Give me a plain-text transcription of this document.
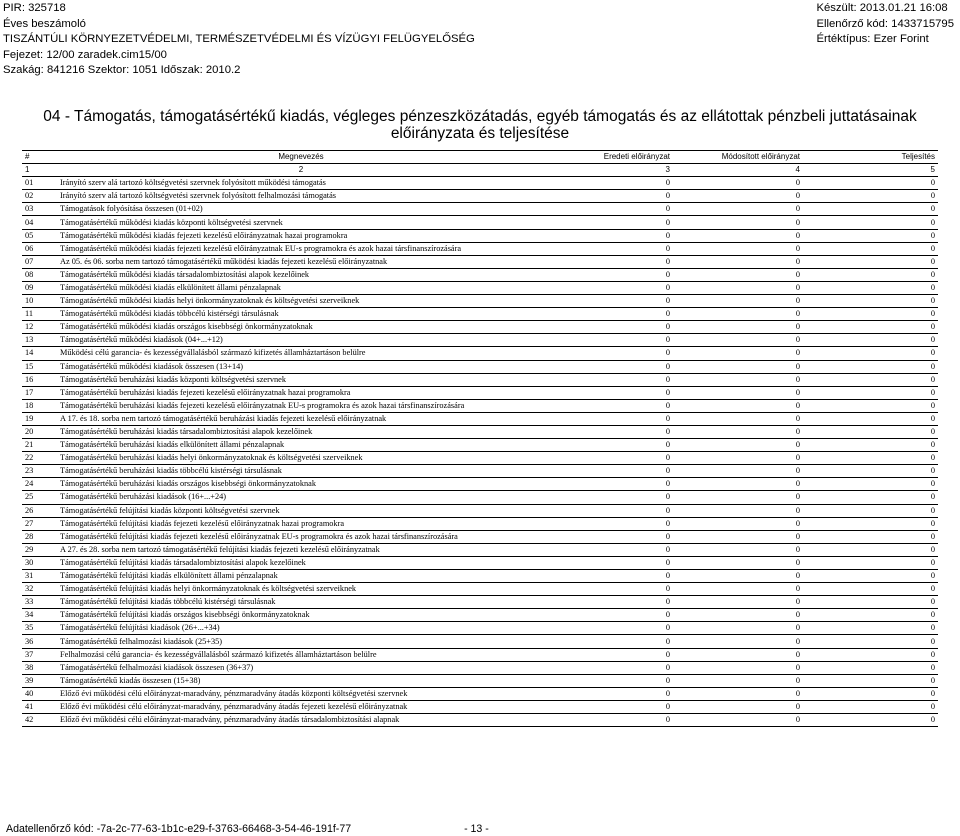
PIR: 325718
Éves beszámoló
TISZÁNTÚLI KÖRNYEZETVÉDELMI, TERMÉSZETVÉDELMI ÉS VÍZÜGYI FELÜGYELŐSÉG
Fejezet: 12/00 zaradek.cim15/00
Szakág: 841216 Szektor: 1051 Időszak: 2010.2
Készült: 2013.01.21 16:08
Ellenőrző kód: 1433715795
Értéktípus: Ezer Forint
04 - Támogatás, támogatásértékű kiadás, végleges pénzeszközátadás, egyéb támogatás és az ellátottak pénzbeli juttatásainak
előirányzata és teljesítése
#	Megnevezés	Eredeti előirányzat	Módosított előirányzat	Teljesítés
1	2	3	4	5
01	Irányító szerv alá tartozó költségvetési szervnek folyósított működési támogatás	0	0	0
02	Irányító szerv alá tartozó költségvetési szervnek folyósított felhalmozási támogatás	0	0	0
03	Támogatások folyósítása összesen (01+02)	0	0	0
04	Támogatásértékű működési kiadás központi költségvetési szervnek	0	0	0
05	Támogatásértékű működési kiadás fejezeti kezelésű előirányzatnak hazai programokra	0	0	0
06	Támogatásértékű működési kiadás fejezeti kezelésű előirányzatnak EU-s programokra és azok hazai társfinanszírozására	0	0	0
07	Az 05. és 06. sorba nem tartozó támogatásértékű működési kiadás fejezeti kezelésű előirányzatnak	0	0	0
08	Támogatásértékű működési kiadás társadalombiztosítási alapok kezelőinek	0	0	0
09	Támogatásértékű működési kiadás elkülönített állami pénzalapnak	0	0	0
10	Támogatásértékű működési kiadás helyi önkormányzatoknak és költségvetési szerveiknek	0	0	0
11	Támogatásértékű működési kiadás többcélú kistérségi társulásnak	0	0	0
12	Támogatásértékű működési kiadás országos kisebbségi önkormányzatoknak	0	0	0
13	Támogatásértékű működési kiadások (04+...+12)	0	0	0
14	Működési célú garancia- és kezességvállalásból származó kifizetés államháztartáson belülre	0	0	0
15	Támogatásértékű működési kiadások összesen (13+14)	0	0	0
16	Támogatásértékű beruházási kiadás központi költségvetési szervnek	0	0	0
17	Támogatásértékű beruházási kiadás fejezeti kezelésű előirányzatnak hazai programokra	0	0	0
18	Támogatásértékű beruházási kiadás fejezeti kezelésű előirányzatnak EU-s programokra és azok hazai társfinanszírozására	0	0	0
19	A 17. és 18. sorba nem tartozó támogatásértékű beruházási kiadás fejezeti kezelésű előirányzatnak	0	0	0
20	Támogatásértékű beruházási kiadás társadalombiztosítási alapok kezelőinek	0	0	0
21	Támogatásértékű beruházási kiadás elkülönített állami pénzalapnak	0	0	0
22	Támogatásértékű beruházási kiadás helyi önkormányzatoknak és költségvetési szerveiknek	0	0	0
23	Támogatásértékű beruházási kiadás többcélú kistérségi társulásnak	0	0	0
24	Támogatásértékű beruházási kiadás országos kisebbségi önkormányzatoknak	0	0	0
25	Támogatásértékű beruházási kiadások (16+...+24)	0	0	0
26	Támogatásértékű felújítási kiadás központi költségvetési szervnek	0	0	0
27	Támogatásértékű felújítási kiadás fejezeti kezelésű előirányzatnak hazai programokra	0	0	0
28	Támogatásértékű felújítási kiadás fejezeti kezelésű előirányzatnak EU-s programokra és azok hazai társfinanszírozására	0	0	0
29	A 27. és 28. sorba nem tartozó támogatásértékű felújítási kiadás fejezeti kezelésű előirányzatnak	0	0	0
30	Támogatásértékű felújítási kiadás társadalombiztosítási alapok kezelőinek	0	0	0
31	Támogatásértékű felújítási kiadás elkülönített állami pénzalapnak	0	0	0
32	Támogatásértékű felújítási kiadás helyi önkormányzatoknak és költségvetési szerveiknek	0	0	0
33	Támogatásértékű felújítási kiadás többcélú kistérségi társulásnak	0	0	0
34	Támogatásértékű felújítási kiadás országos kisebbségi önkormányzatoknak	0	0	0
35	Támogatásértékű felújítási kiadások (26+...+34)	0	0	0
36	Támogatásértékű felhalmozási kiadások (25+35)	0	0	0
37	Felhalmozási célú garancia- és kezességvállalásból származó kifizetés államháztartáson belülre	0	0	0
38	Támogatásértékű felhalmozási kiadások összesen (36+37)	0	0	0
39	Támogatásértékű kiadás összesen (15+38)	0	0	0
40	Előző évi működési célú előirányzat-maradvány, pénzmaradvány átadás központi költségvetési szervnek	0	0	0
41	Előző évi működési célú előirányzat-maradvány, pénzmaradvány átadás fejezeti kezelésű előirányzatnak	0	0	0
42	Előző évi működési célú előirányzat-maradvány, pénzmaradvány átadás társadalombiztosítási alapnak	0	0	0
Adatellenőrző kód: -7a-2c-77-63-1b1c-e29-f-3763-66468-3-54-46-191f-77	- 13 -
